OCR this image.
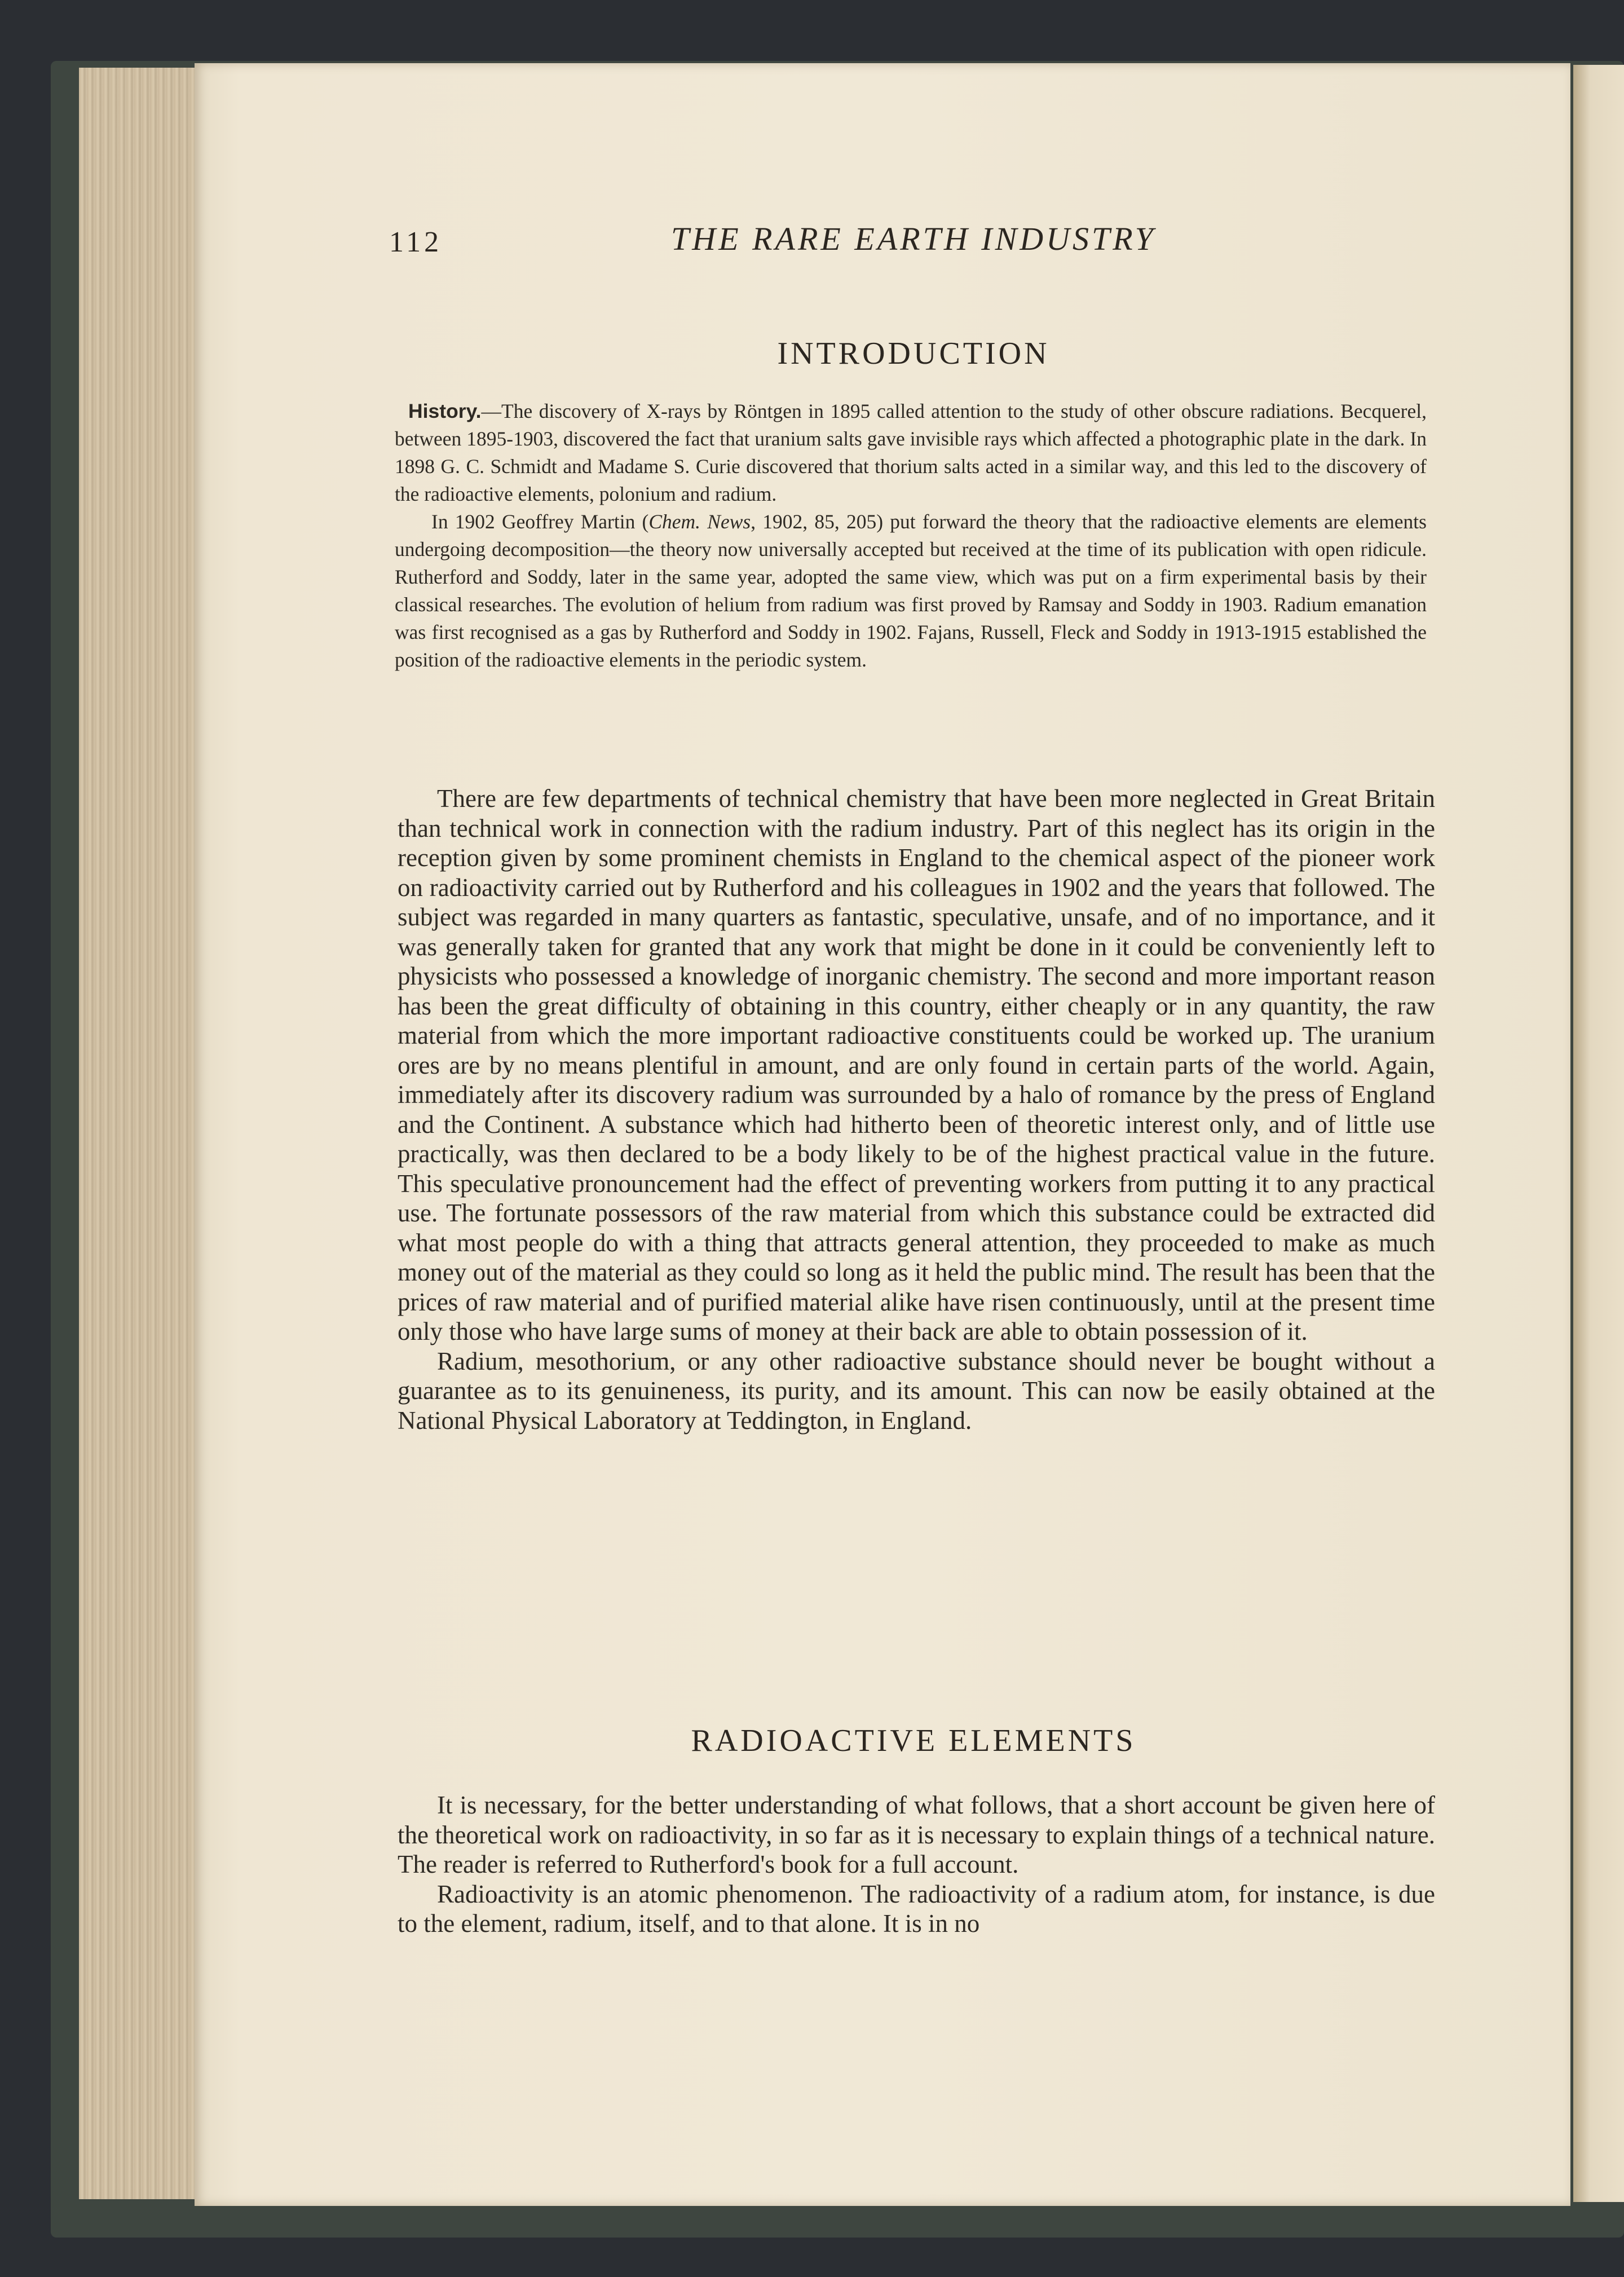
112	THE RARE EARTH INDUSTRY
INTRODUCTION

History.—The discovery of X-rays by Röntgen in 1895 called attention to the study of other obscure radiations. Becquerel, between 1895-1903, discovered the fact that uranium salts gave invisible rays which affected a photographic plate in the dark. In 1898 G. C. Schmidt and Madame S. Curie discovered that thorium salts acted in a similar way, and this led to the discovery of the radioactive elements, polonium and radium.

In 1902 Geoffrey Martin (Chem. News, 1902, 85, 205) put forward the theory that the radioactive elements are elements undergoing decomposition—the theory now universally accepted but received at the time of its publication with open ridicule. Rutherford and Soddy, later in the same year, adopted the same view, which was put on a firm experimental basis by their classical researches. The evolution of helium from radium was first proved by Ramsay and Soddy in 1903. Radium emanation was first recognised as a gas by Rutherford and Soddy in 1902. Fajans, Russell, Fleck and Soddy in 1913-1915 established the position of the radioactive elements in the periodic system.

There are few departments of technical chemistry that have been more neglected in Great Britain than technical work in connection with the radium industry. Part of this neglect has its origin in the reception given by some prominent chemists in England to the chemical aspect of the pioneer work on radioactivity carried out by Rutherford and his colleagues in 1902 and the years that followed. The subject was regarded in many quarters as fantastic, speculative, unsafe, and of no importance, and it was generally taken for granted that any work that might be done in it could be conveniently left to physicists who possessed a knowledge of inorganic chemistry. The second and more important reason has been the great difficulty of obtaining in this country, either cheaply or in any quantity, the raw material from which the more important radioactive constituents could be worked up. The uranium ores are by no means plentiful in amount, and are only found in certain parts of the world. Again, immediately after its discovery radium was surrounded by a halo of romance by the press of England and the Continent. A substance which had hitherto been of theoretic interest only, and of little use practically, was then declared to be a body likely to be of the highest practical value in the future. This speculative pronouncement had the effect of preventing workers from putting it to any practical use. The fortunate possessors of the raw material from which this substance could be extracted did what most people do with a thing that attracts general attention, they proceeded to make as much money out of the material as they could so long as it held the public mind. The result has been that the prices of raw material and of purified material alike have risen continuously, until at the present time only those who have large sums of money at their back are able to obtain possession of it.

Radium, mesothorium, or any other radioactive substance should never be bought without a guarantee as to its genuineness, its purity, and its amount. This can now be easily obtained at the National Physical Laboratory at Teddington, in England.

RADIOACTIVE ELEMENTS

It is necessary, for the better understanding of what follows, that a short account be given here of the theoretical work on radioactivity, in so far as it is necessary to explain things of a technical nature. The reader is referred to Rutherford's book for a full account.

Radioactivity is an atomic phenomenon. The radioactivity of a radium atom, for instance, is due to the element, radium, itself, and to that alone. It is in no
